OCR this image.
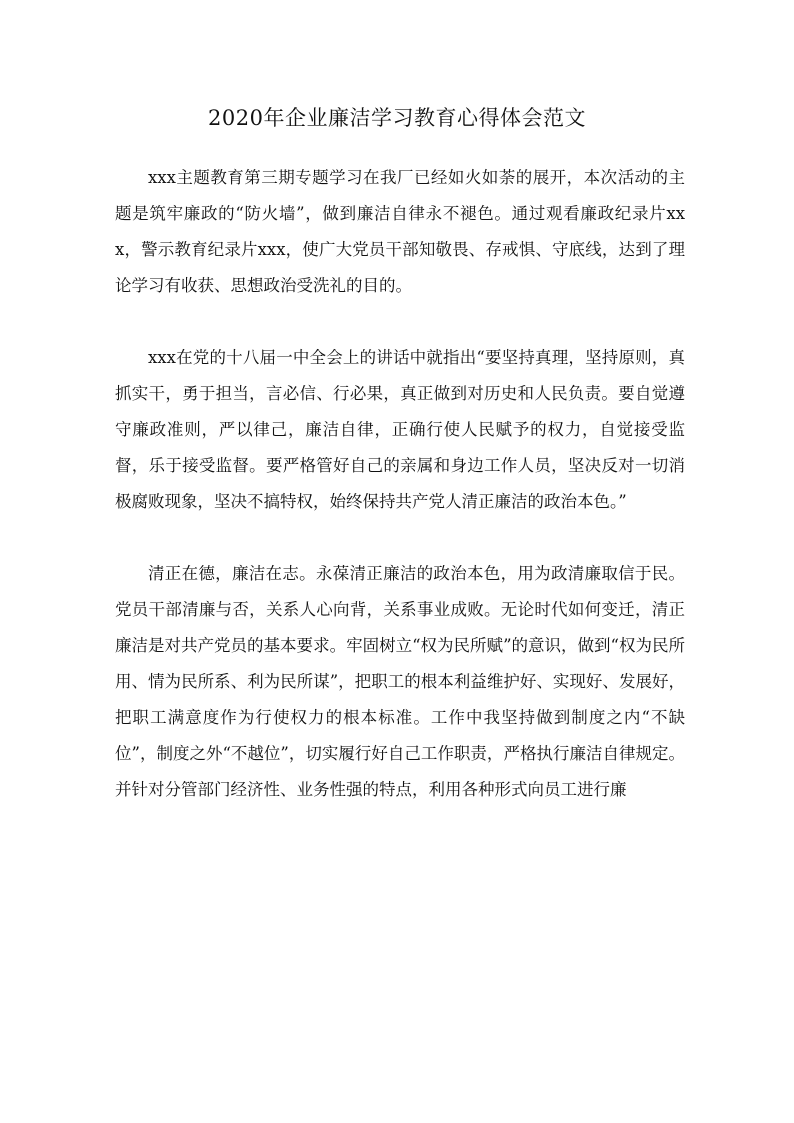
2020年企业廉洁学习教育心得体会范文

xxx主题教育第三期专题学习在我厂已经如火如荼的展开，本次活动的主题是筑牢廉政的“防火墙”，做到廉洁自律永不褪色。通过观看廉政纪录片xxx，警示教育纪录片xxx，使广大党员干部知敬畏、存戒惧、守底线，达到了理论学习有收获、思想政治受洗礼的目的。

xxx在党的十八届一中全会上的讲话中就指出“要坚持真理，坚持原则，真抓实干，勇于担当，言必信、行必果，真正做到对历史和人民负责。要自觉遵守廉政准则，严以律己，廉洁自律，正确行使人民赋予的权力，自觉接受监督，乐于接受监督。要严格管好自己的亲属和身边工作人员，坚决反对一切消极腐败现象，坚决不搞特权，始终保持共产党人清正廉洁的政治本色。”

清正在德，廉洁在志。永葆清正廉洁的政治本色，用为政清廉取信于民。党员干部清廉与否，关系人心向背，关系事业成败。无论时代如何变迁，清正廉洁是对共产党员的基本要求。牢固树立“权为民所赋”的意识，做到“权为民所用、情为民所系、利为民所谋”，把职工的根本利益维护好、实现好、发展好，把职工满意度作为行使权力的根本标准。工作中我坚持做到制度之内“不缺位”，制度之外“不越位”，切实履行好自己工作职责，严格执行廉洁自律规定。并针对分管部门经济性、业务性强的特点，利用各种形式向员工进行廉
